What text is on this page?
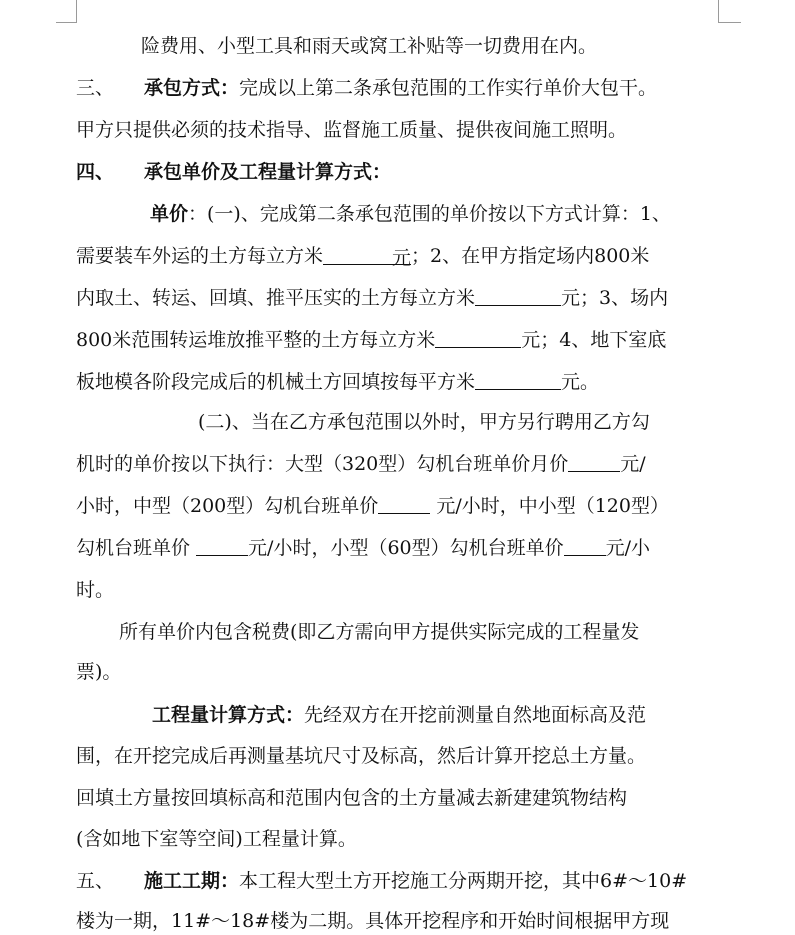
险费用、小型工具和雨天或窝工补贴等一切费用在内。
三、 承包方式：完成以上第二条承包范围的工作实行单价大包干。
甲方只提供必须的技术指导、监督施工质量、提供夜间施工照明。
四、 承包单价及工程量计算方式：
单价：(一)、完成第二条承包范围的单价按以下方式计算：1、
需要装车外运的土方每立方米	元；2、在甲方指定场内800米
内取土、转运、回填、推平压实的土方每立方米	元；3、场内
800米范围转运堆放推平整的土方每立方米	元；4、地下室底
板地模各阶段完成后的机械土方回填按每平方米	元。
(二)、当在乙方承包范围以外时，甲方另行聘用乙方勾
机时的单价按以下执行：大型（320型）勾机台班单价月价	元/
小时，中型（200型）勾机台班单价	元/小时，中小型（120型）
勾机台班单价	元/小时，小型（60型）勾机台班单价 元/小
时。
所有单价内包含税费(即乙方需向甲方提供实际完成的工程量发
票)。
工程量计算方式：先经双方在开挖前测量自然地面标高及范
围，在开挖完成后再测量基坑尺寸及标高，然后计算开挖总土方量。
回填土方量按回填标高和范围内包含的土方量减去新建建筑物结构
(含如地下室等空间)工程量计算。
五、 施工工期：本工程大型土方开挖施工分两期开挖，其中6#～10#
楼为一期，11#～18#楼为二期。具体开挖程序和开始时间根据甲方现
